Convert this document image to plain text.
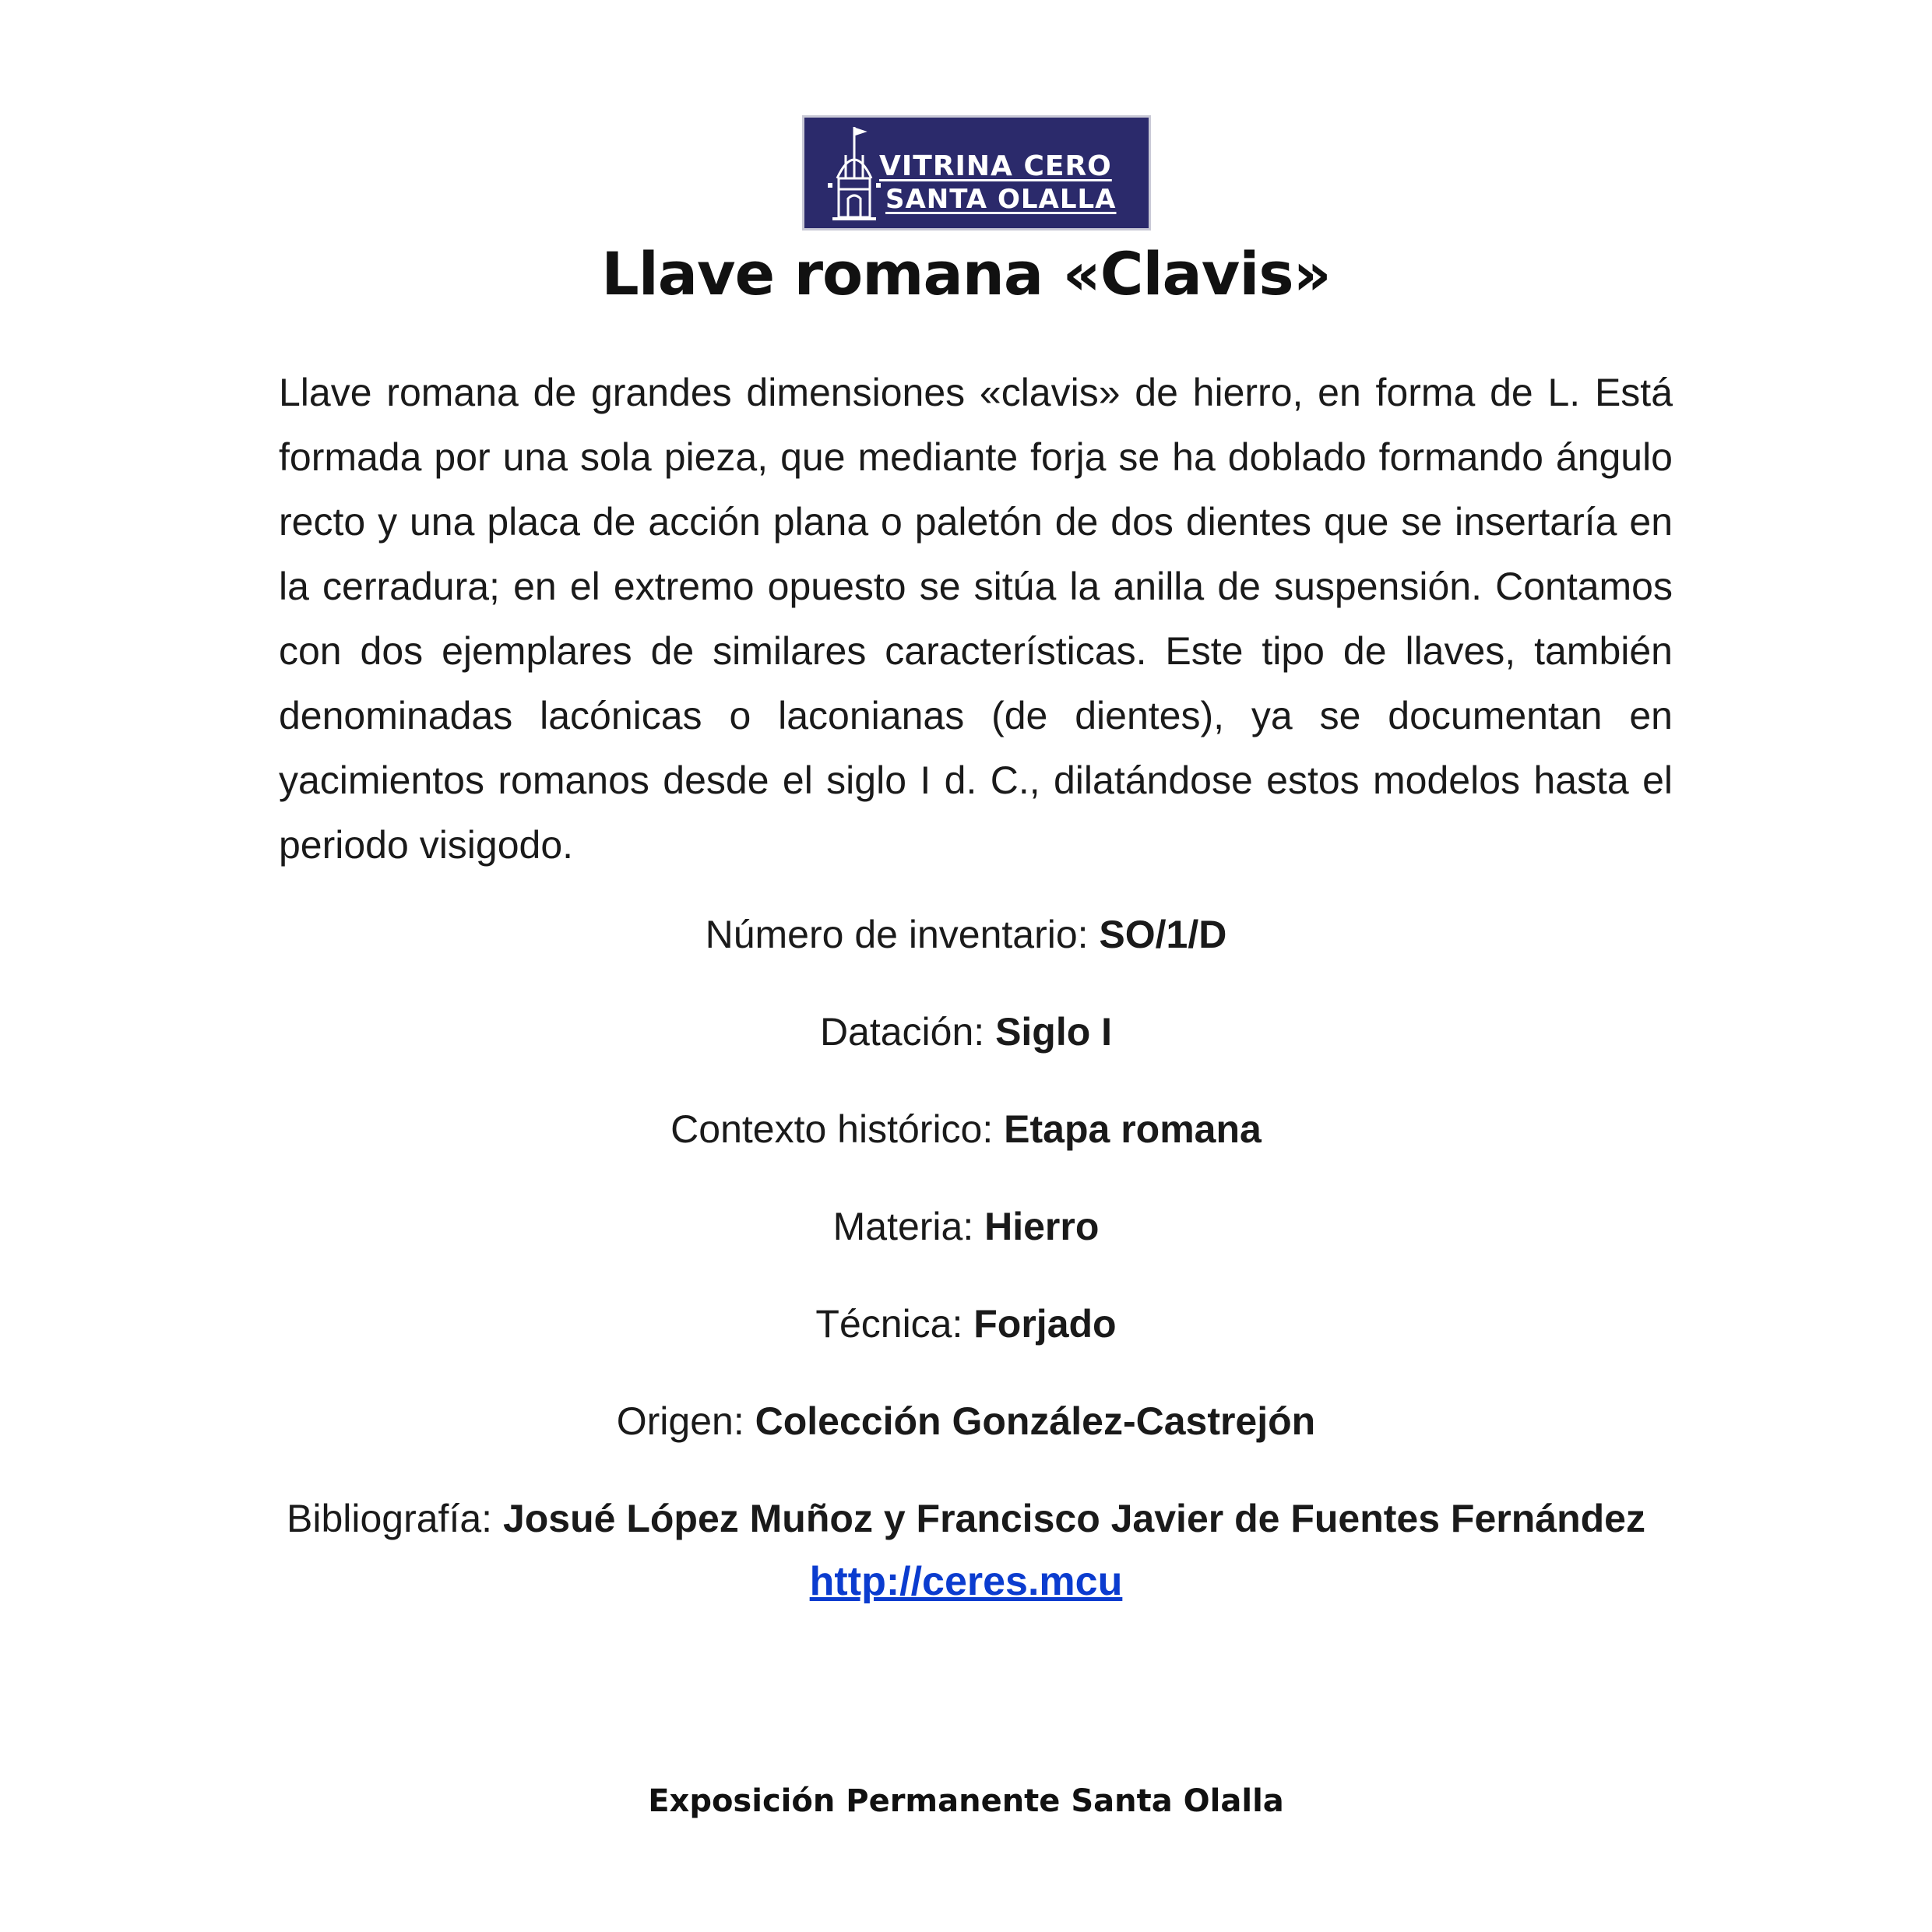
VITRINA CERO
SANTA OLALLA
Llave romana «Clavis»

Llave romana de grandes dimensiones «clavis» de hierro, en forma de L. Está formada por una sola pieza, que mediante forja se ha doblado formando ángulo recto y una placa de acción plana o paletón de dos dientes que se insertaría en la cerradura; en el extremo opuesto se sitúa la anilla de suspensión. Contamos con dos ejemplares de similares características. Este tipo de llaves, también denominadas lacónicas o laconianas (de dientes), ya se documentan en yacimientos romanos desde el siglo I d. C., dilatándose estos modelos hasta el periodo visigodo.

Número de inventario: SO/1/D
Datación: Siglo I
Contexto histórico: Etapa romana
Materia: Hierro
Técnica: Forjado
Origen: Colección González-Castrejón
Bibliografía: Josué López Muñoz y Francisco Javier de Fuentes Fernández
http://ceres.mcu
Exposición Permanente Santa Olalla
